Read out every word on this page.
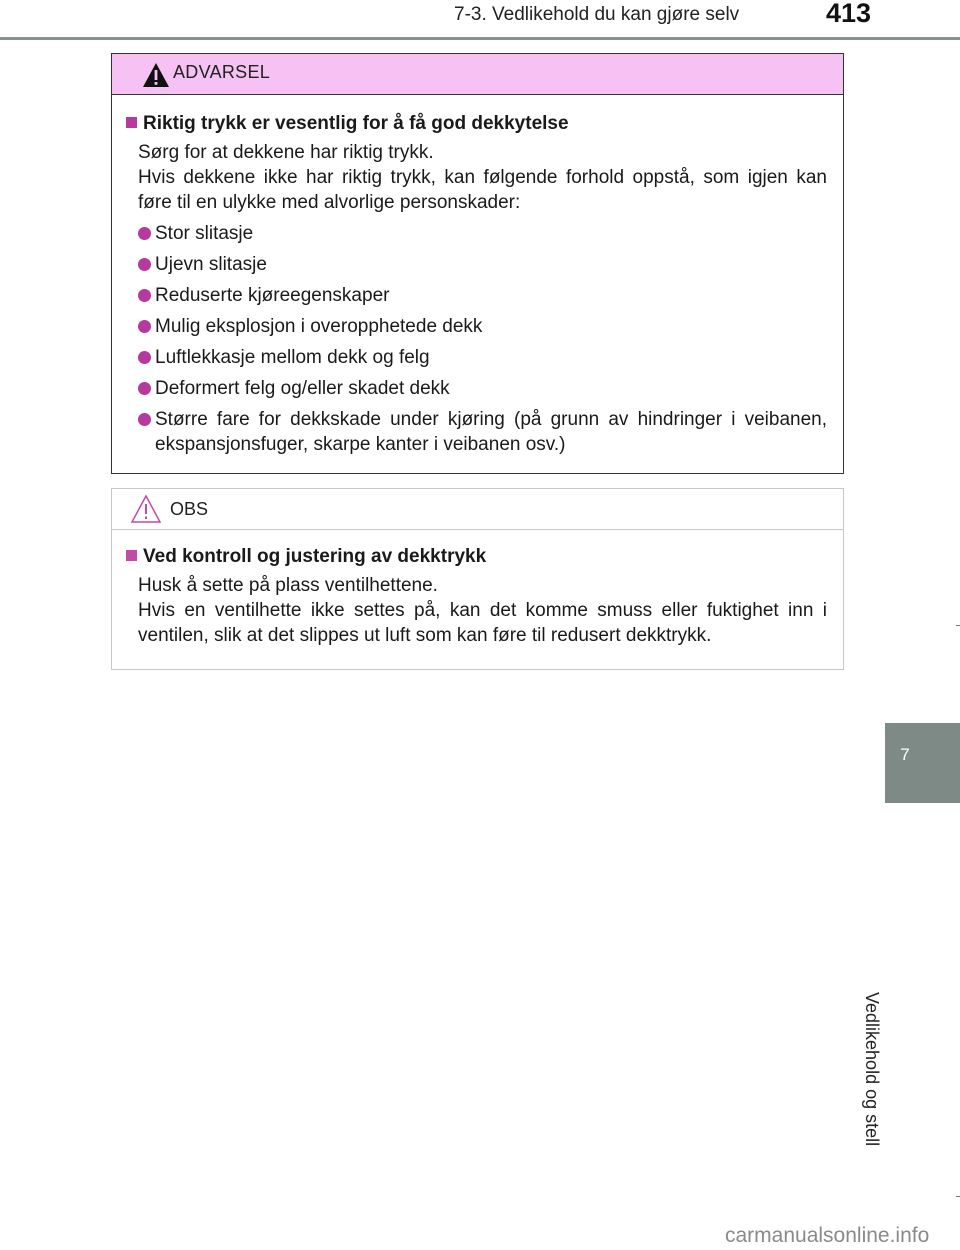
7-3. Vedlikehold du kan gjøre selv	413
7
Vedlikehold og stell
ADVARSEL
Riktig trykk er vesentlig for å få god dekkytelse

Sørg for at dekkene har riktig trykk.

Hvis dekkene ikke har riktig trykk, kan følgende forhold oppstå, som igjen kan føre til en ulykke med alvorlige personskader:

Stor slitasje
Ujevn slitasje
Reduserte kjøreegenskaper
Mulig eksplosjon i overopphetede dekk
Luftlekkasje mellom dekk og felg
Deformert felg og/eller skadet dekk
Større fare for dekkskade under kjøring (på grunn av hindringer i veibanen, ekspansjonsfuger, skarpe kanter i veibanen osv.)
OBS
Ved kontroll og justering av dekktrykk

Husk å sette på plass ventilhettene.

Hvis en ventilhette ikke settes på, kan det komme smuss eller fuktighet inn i ventilen, slik at det slippes ut luft som kan føre til redusert dekktrykk.

carmanualsonline.info
